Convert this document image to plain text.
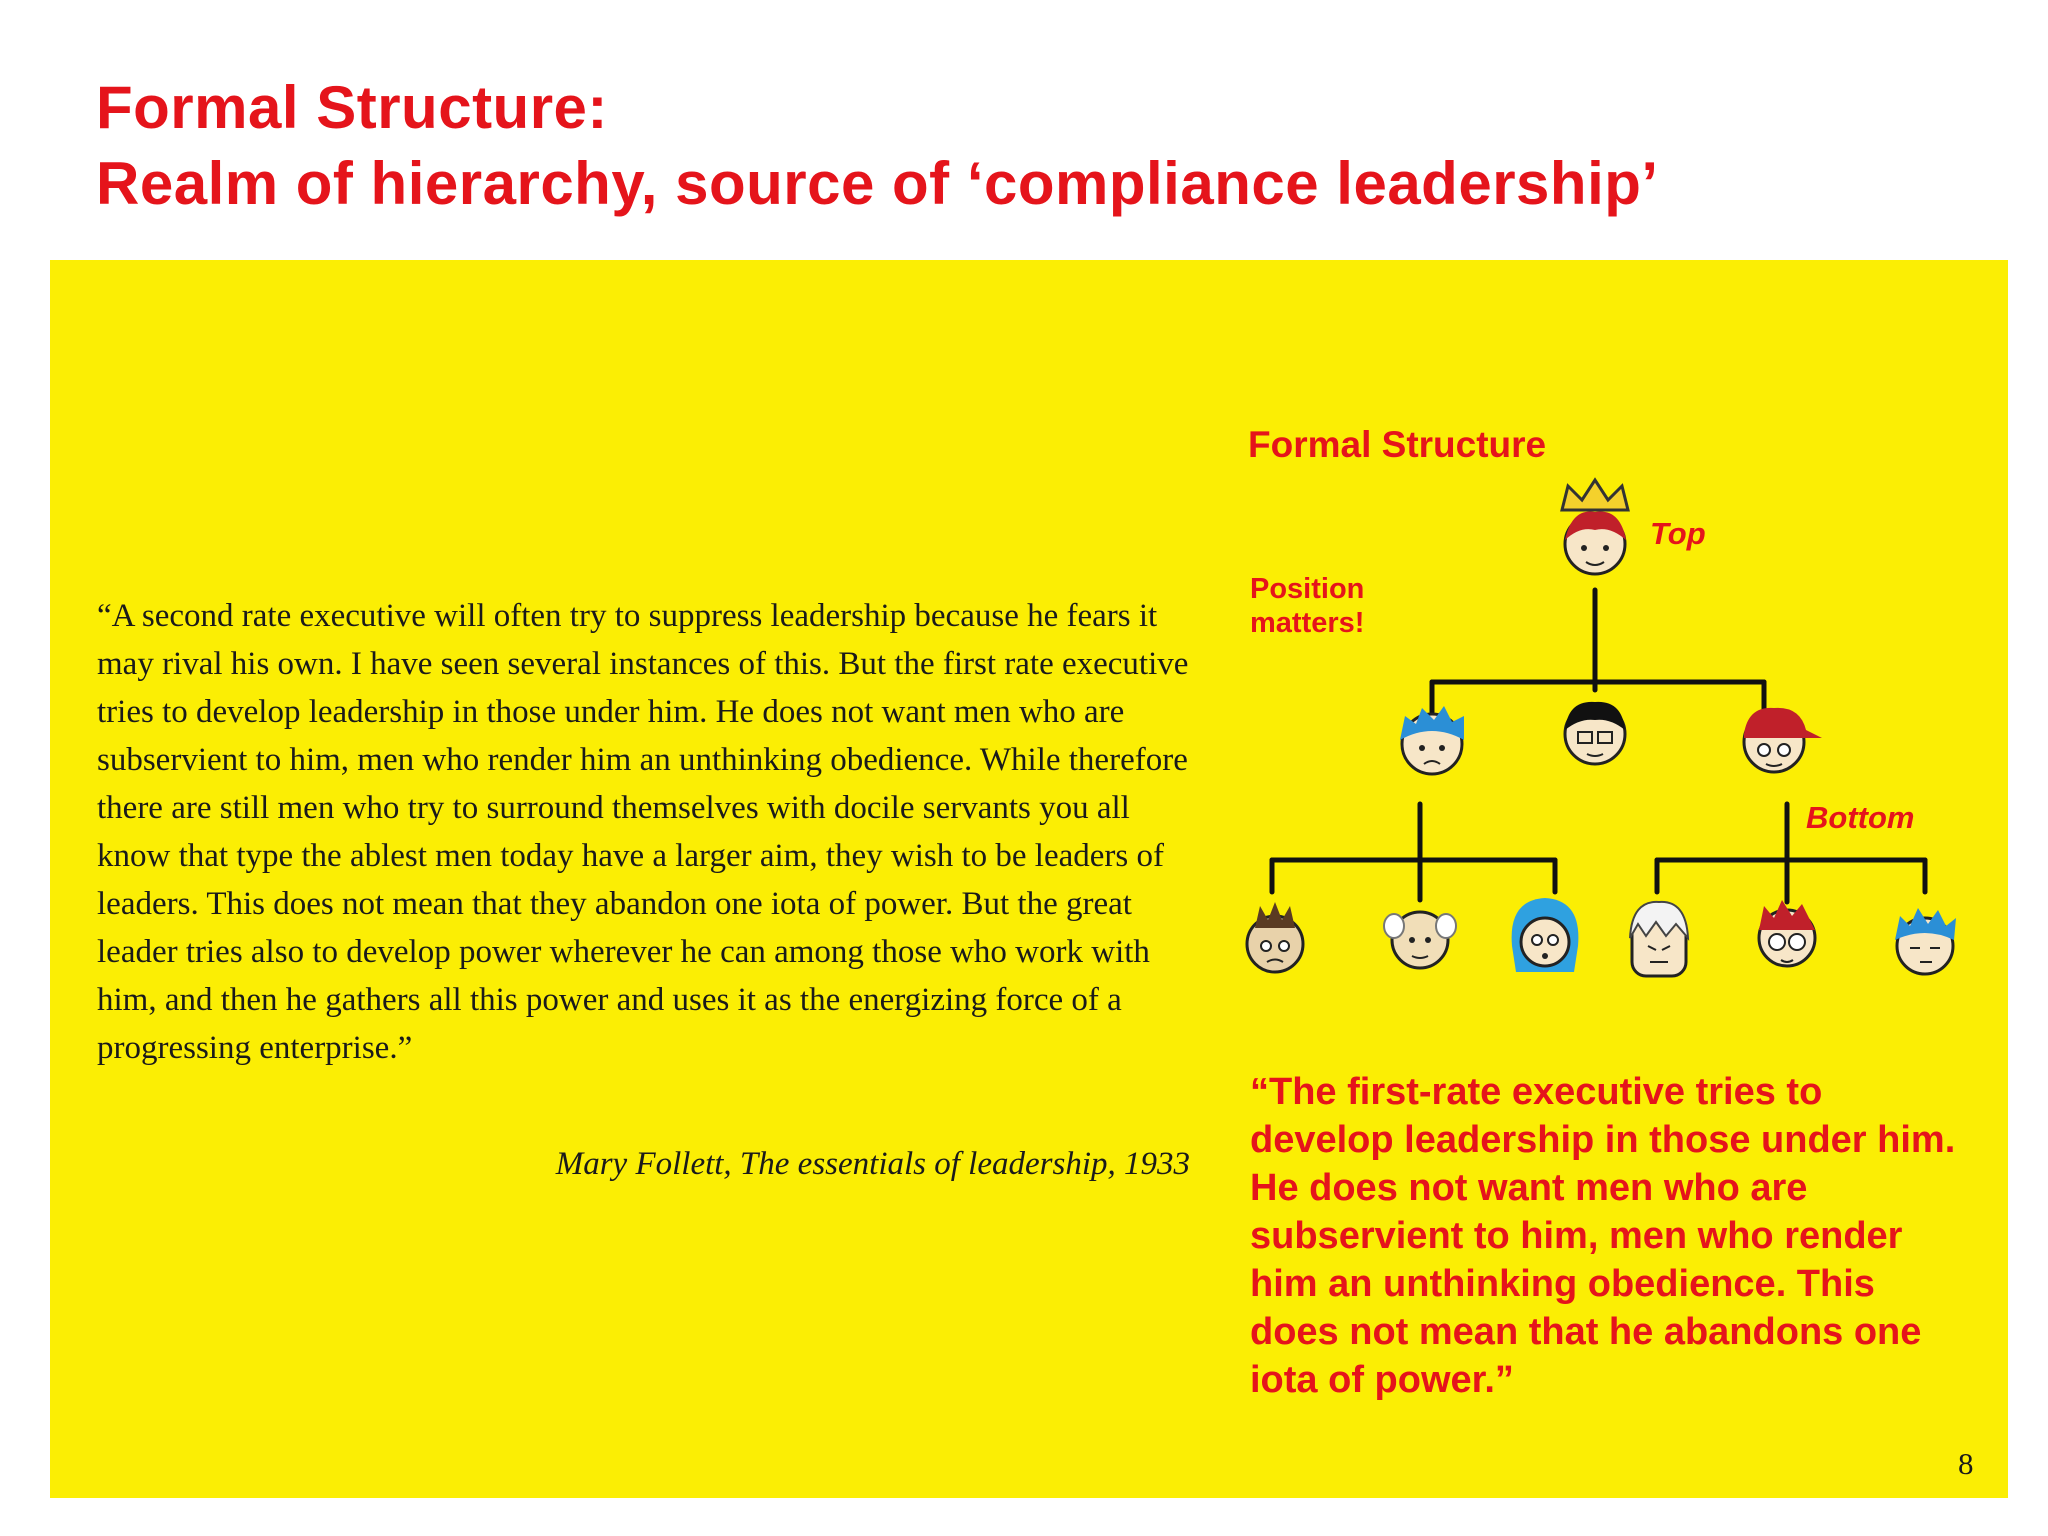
Formal Structure:
Realm of hierarchy, source of ‘compliance leadership’

“A second rate executive will often try to suppress leadership because he fears it may rival his own. I have seen several instances of this. But the first rate executive tries to develop leadership in those under him. He does not want men who are subservient to him, men who render him an unthinking obedience. While therefore there are still men who try to surround themselves with docile servants you all know that type the ablest men today have a larger aim, they wish to be leaders of leaders. This does not mean that they abandon one iota of power. But the great leader tries also to develop power wherever he can among those who work with him, and then he gathers all this power and uses it as the energizing force of a progressing enterprise.”

Mary Follett, The essentials of leadership, 1933

Formal Structure
Top
Position matters!
Bottom

“The first-rate executive tries to develop leadership in those under him. He does not want men who are subservient to him, men who render him an unthinking obedience. This does not mean that he abandons one iota of power.”

8
